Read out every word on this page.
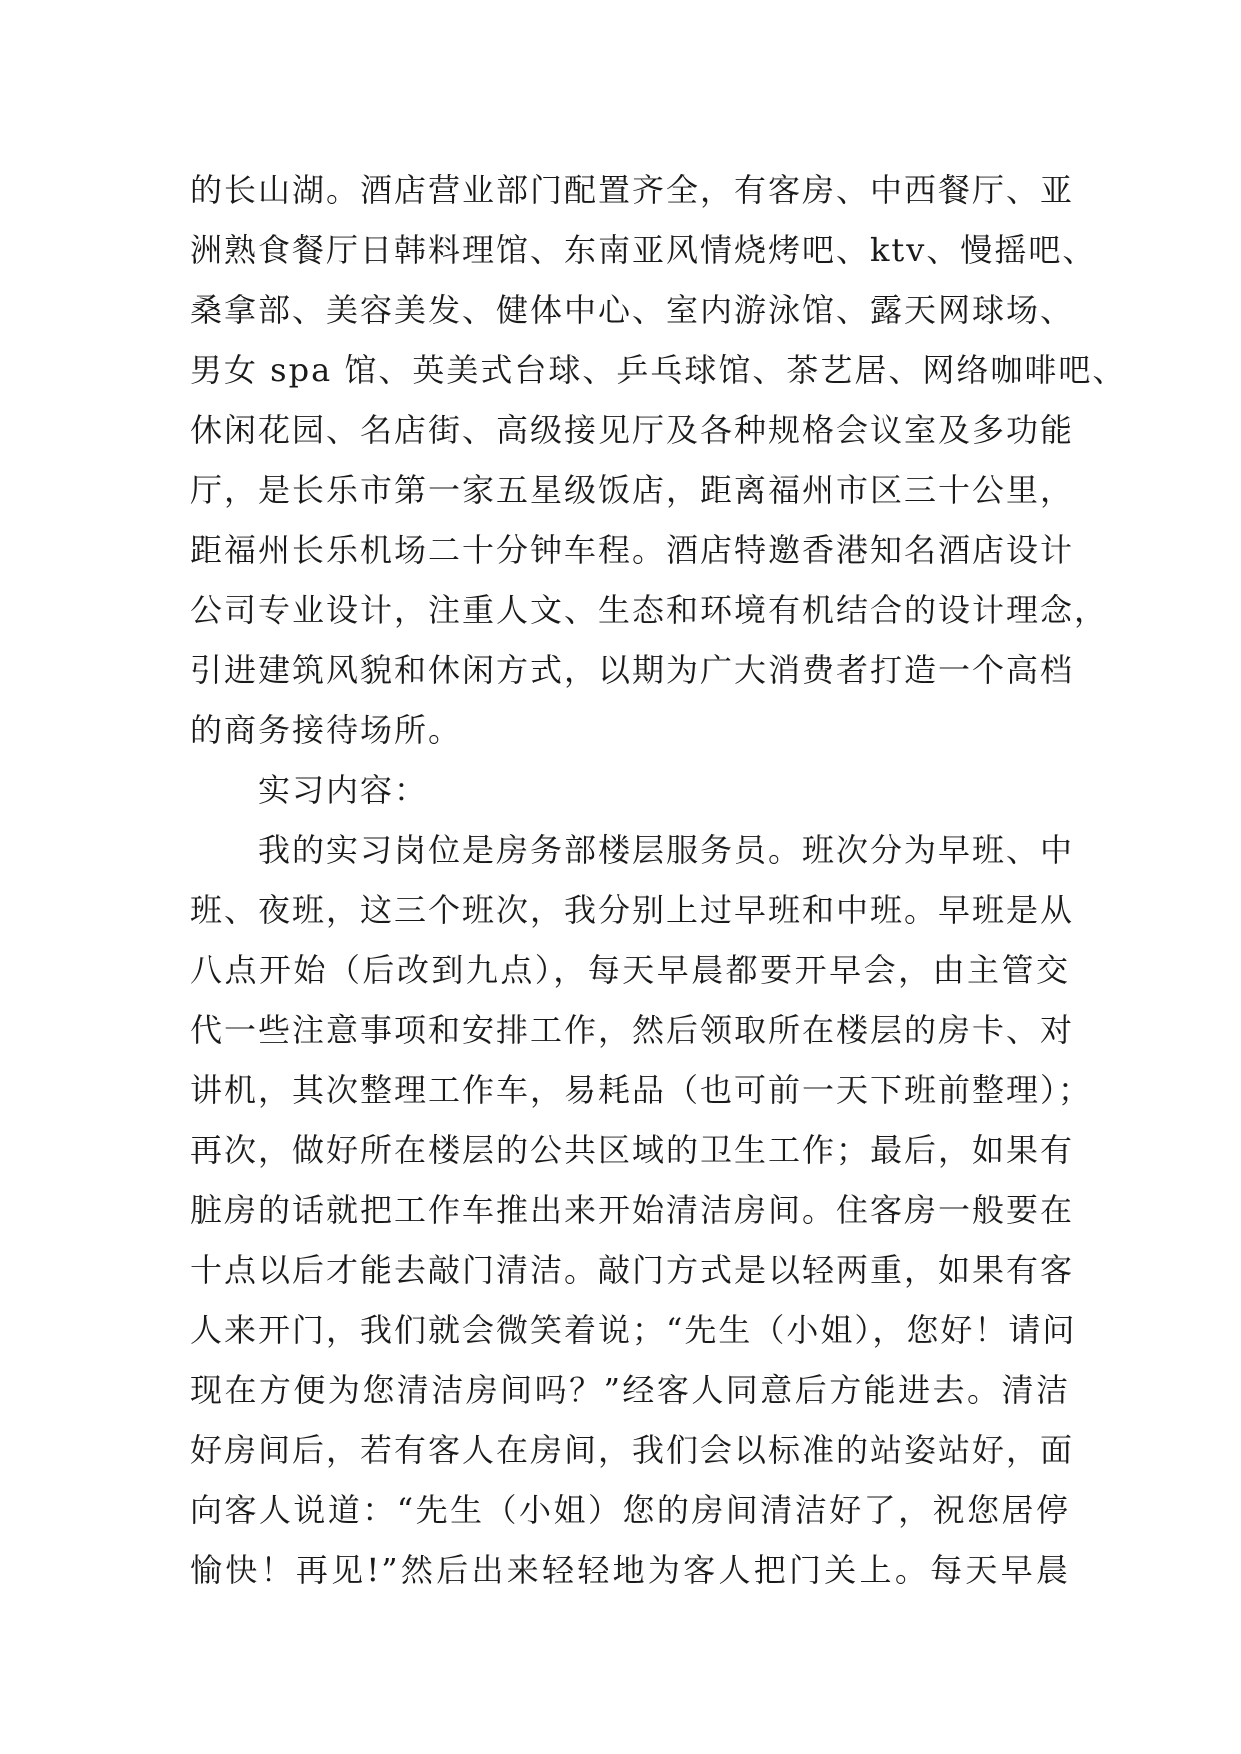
的长山湖。酒店营业部门配置齐全，有客房、中西餐厅、亚
洲熟食餐厅日韩料理馆、东南亚风情烧烤吧、ktv、慢摇吧、
桑拿部、美容美发、健体中心、室内游泳馆、露天网球场、
男女 spa 馆、英美式台球、乒乓球馆、茶艺居、网络咖啡吧、
休闲花园、名店街、高级接见厅及各种规格会议室及多功能
厅，是长乐市第一家五星级饭店，距离福州市区三十公里，
距福州长乐机场二十分钟车程。酒店特邀香港知名酒店设计
公司专业设计，注重人文、生态和环境有机结合的设计理念，
引进建筑风貌和休闲方式，以期为广大消费者打造一个高档
的商务接待场所。
实习内容：
我的实习岗位是房务部楼层服务员。班次分为早班、中
班、夜班，这三个班次，我分别上过早班和中班。早班是从
八点开始（后改到九点），每天早晨都要开早会，由主管交
代一些注意事项和安排工作，然后领取所在楼层的房卡、对
讲机，其次整理工作车，易耗品（也可前一天下班前整理）；
再次，做好所在楼层的公共区域的卫生工作；最后，如果有
脏房的话就把工作车推出来开始清洁房间。住客房一般要在
十点以后才能去敲门清洁。敲门方式是以轻两重，如果有客
人来开门，我们就会微笑着说；“先生（小姐），您好！请问
现在方便为您清洁房间吗？”经客人同意后方能进去。清洁
好房间后，若有客人在房间，我们会以标准的站姿站好，面
向客人说道：“先生（小姐）您的房间清洁好了，祝您居停
愉快！再见!”然后出来轻轻地为客人把门关上。每天早晨
